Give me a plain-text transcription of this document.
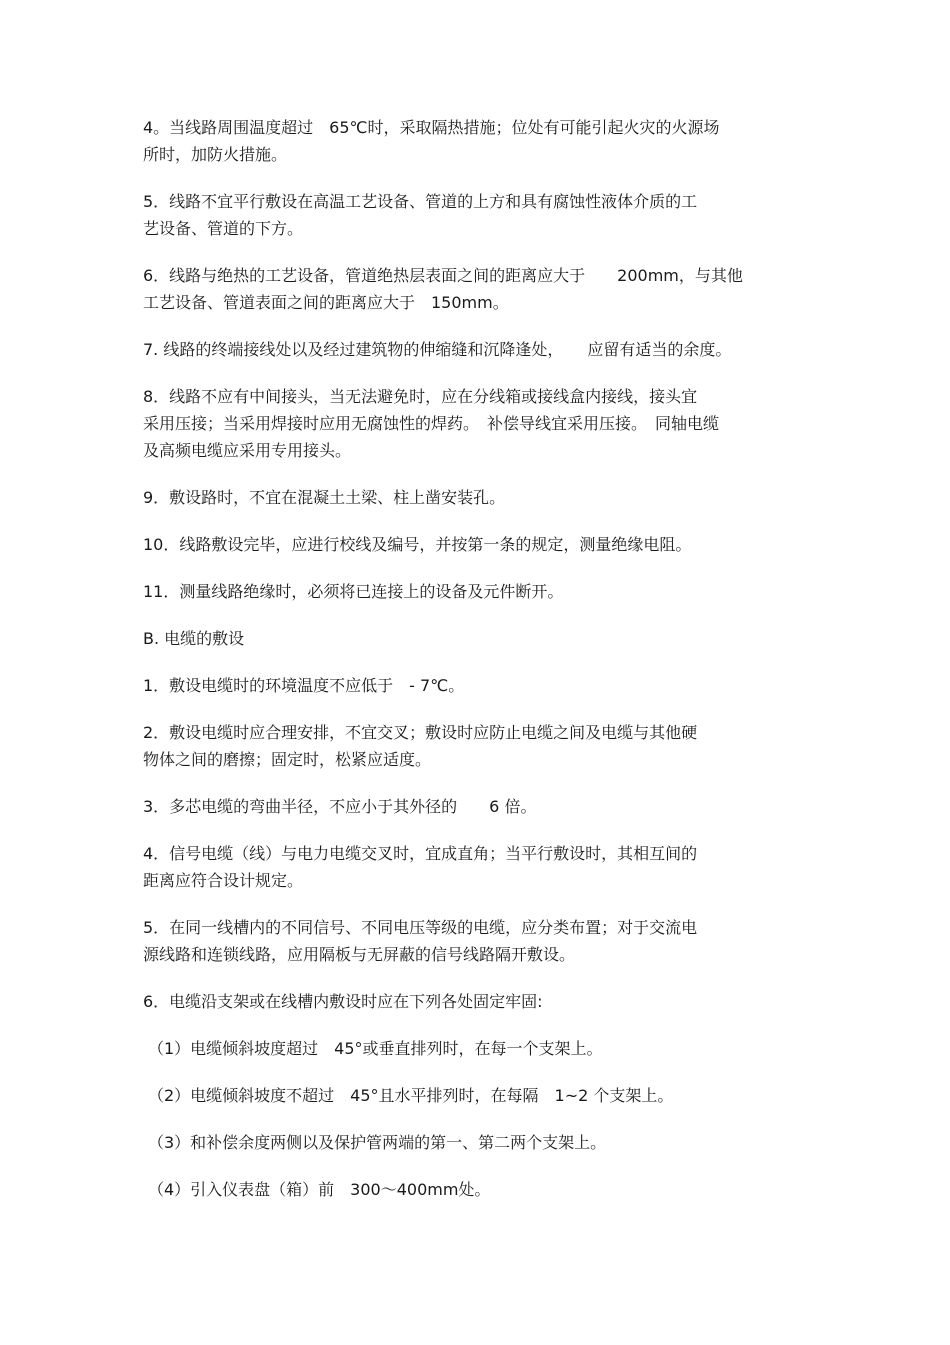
4。当线路周围温度超过　65℃时，采取隔热措施；位处有可能引起火灾的火源场
所时，加防火措施。

5．线路不宜平行敷设在高温工艺设备、管道的上方和具有腐蚀性液体介质的工
艺设备、管道的下方。

6．线路与绝热的工艺设备，管道绝热层表面之间的距离应大于　　200mm，与其他
工艺设备、管道表面之间的距离应大于　150mm。

7. 线路的终端接线处以及经过建筑物的伸缩缝和沉降逢处，　　应留有适当的余度。

8．线路不应有中间接头，当无法避免时，应在分线箱或接线盒内接线，接头宜
采用压接；当采用焊接时应用无腐蚀性的焊药。　补偿导线宜采用压接。　同轴电缆
及高频电缆应采用专用接头。

9．敷设路时，不宜在混凝土土梁、柱上凿安装孔。

10．线路敷设完毕，应进行校线及编号，并按第一条的规定，测量绝缘电阻。

11．测量线路绝缘时，必须将已连接上的设备及元件断开。

B. 电缆的敷设

1．敷设电缆时的环境温度不应低于　- 7℃。

2．敷设电缆时应合理安排，不宜交叉；敷设时应防止电缆之间及电缆与其他硬
物体之间的磨擦；固定时，松紧应适度。

3．多芯电缆的弯曲半径，不应小于其外径的　　6 倍。

4．信号电缆（线）与电力电缆交叉时，宜成直角；当平行敷设时，其相互间的
距离应符合设计规定。

5．在同一线槽内的不同信号、不同电压等级的电缆，应分类布置；对于交流电
源线路和连锁线路，应用隔板与无屏蔽的信号线路隔开敷设。

6．电缆沿支架或在线槽内敷设时应在下列各处固定牢固:

（1）电缆倾斜坡度超过　45°或垂直排列时，在每一个支架上。

（2）电缆倾斜坡度不超过　45°且水平排列时，在每隔　1~2 个支架上。

（3）和补偿余度两侧以及保护管两端的第一、第二两个支架上。

（4）引入仪表盘（箱）前　300～400mm处。
